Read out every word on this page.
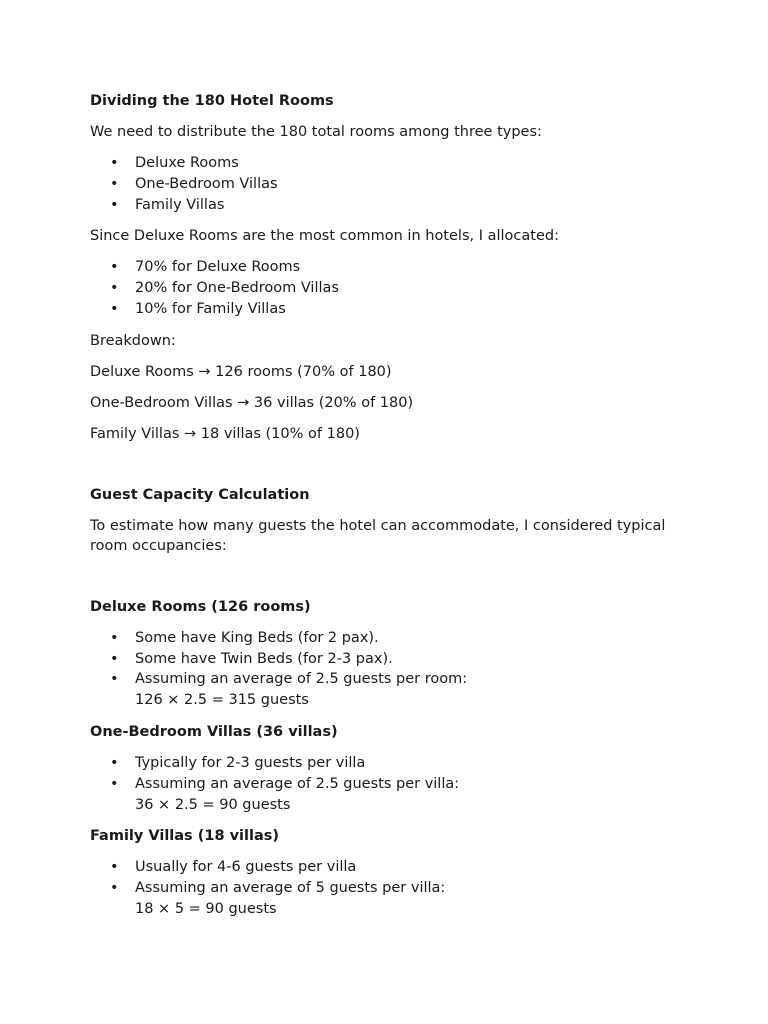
Dividing the 180 Hotel Rooms
We need to distribute the 180 total rooms among three types:
• Deluxe Rooms
• One-Bedroom Villas
• Family Villas
Since Deluxe Rooms are the most common in hotels, I allocated:
• 70% for Deluxe Rooms
• 20% for One-Bedroom Villas
• 10% for Family Villas
Breakdown:
Deluxe Rooms → 126 rooms (70% of 180)
One-Bedroom Villas → 36 villas (20% of 180)
Family Villas → 18 villas (10% of 180)
Guest Capacity Calculation
To estimate how many guests the hotel can accommodate, I considered typical room occupancies:
Deluxe Rooms (126 rooms)
• Some have King Beds (for 2 pax).
• Some have Twin Beds (for 2-3 pax).
• Assuming an average of 2.5 guests per room:
126 × 2.5 = 315 guests
One-Bedroom Villas (36 villas)
• Typically for 2-3 guests per villa
• Assuming an average of 2.5 guests per villa:
36 × 2.5 = 90 guests
Family Villas (18 villas)
• Usually for 4-6 guests per villa
• Assuming an average of 5 guests per villa:
18 × 5 = 90 guests
